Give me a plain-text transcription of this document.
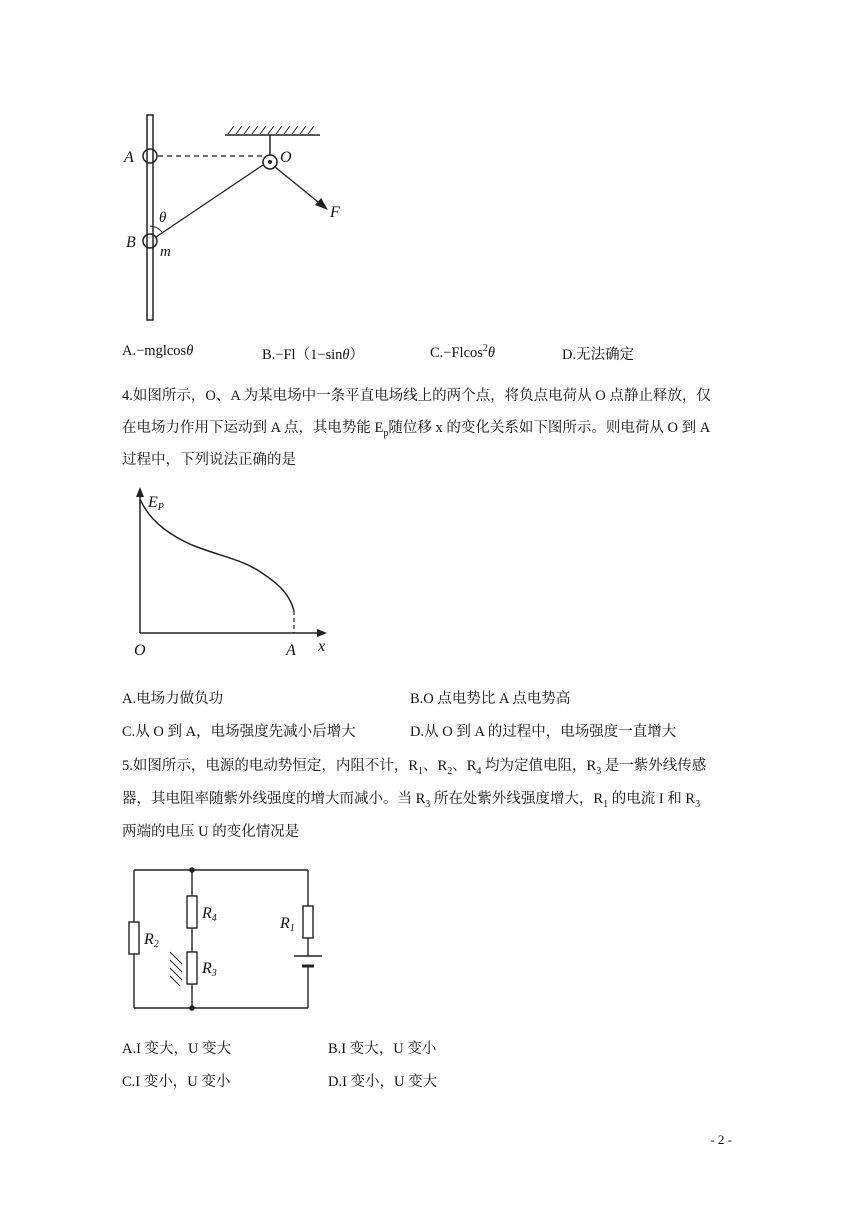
A	O
B
θ
m
F
A.−mglcosθ	B.−Fl（1−sinθ）	C.−Flcos$^2$θ	D.无法确定
4.如图所示，O、A 为某电场中一条平直电场线上的两个点，将负点电荷从 O 点静止释放，仅
在电场力作用下运动到 A 点，其电势能 $E_p$随位移 x 的变化关系如下图所示。则电荷从 O 到 A
过程中，下列说法正确的是
EP
O	A x
A.电场力做负功	B.O 点电势比 A 点电势高
C.从 O 到 A，电场强度先减小后增大	D.从 O 到 A 的过程中，电场强度一直增大
5.如图所示，电源的电动势恒定，内阻不计，$R_1$、$R_2$、$R_4$ 均为定值电阻，$R_3$ 是一紫外线传感
器，其电阻率随紫外线强度的增大而减小。当 $R_3$ 所在处紫外线强度增大，$R_1$ 的电流 I 和 $R_3$
两端的电压 U 的变化情况是
R2
R4
R3
R1
A.I 变大，U 变大	B.I 变大，U 变小
C.I 变小，U 变小	D.I 变小，U 变大
- 2 -
